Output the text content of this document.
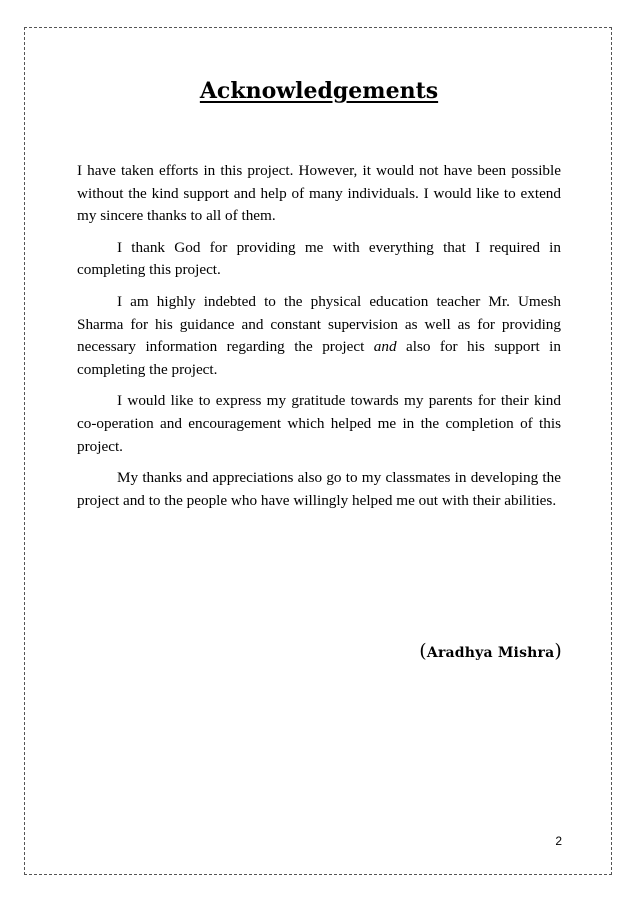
Acknowledgements

I have taken efforts in this project. However, it would not have been possible without the kind support and help of many individuals. I would like to extend my sincere thanks to all of them.

I thank God for providing me with everything that I required in completing this project.

I am highly indebted to the physical education teacher Mr. Umesh Sharma for his guidance and constant supervision as well as for providing necessary information regarding the project and also for his support in completing the project.

I would like to express my gratitude towards my parents for their kind co-operation and encouragement which helped me in the completion of this project.

My thanks and appreciations also go to my classmates in developing the project and to the people who have willingly helped me out with their abilities.

(Aradhya Mishra)
2
